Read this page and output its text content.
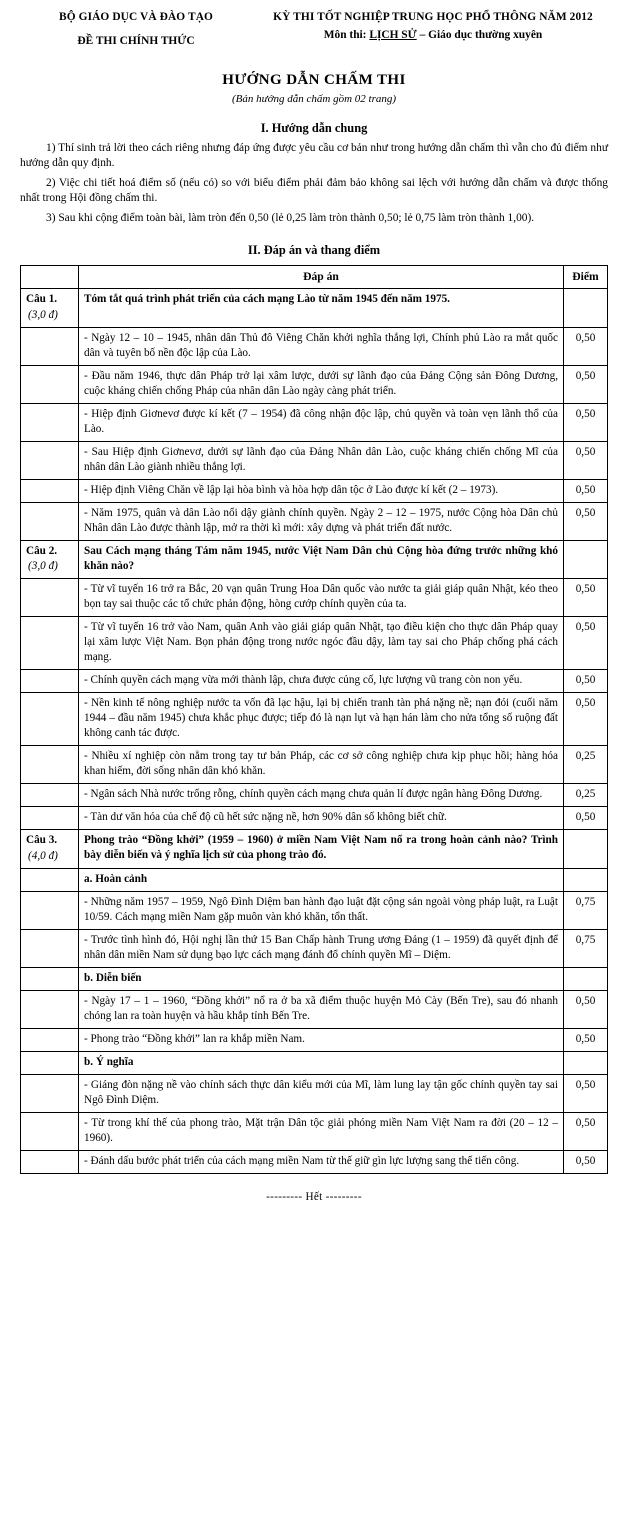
BỘ GIÁO DỤC VÀ ĐÀO TẠO
ĐỀ THI CHÍNH THỨC
KỲ THI TỐT NGHIỆP TRUNG HỌC PHỔ THÔNG NĂM 2012
Môn thi: LỊCH SỬ – Giáo dục thường xuyên
HƯỚNG DẪN CHẤM THI
(Bản hướng dẫn chấm gồm 02 trang)
I. Hướng dẫn chung
1) Thí sinh trả lời theo cách riêng nhưng đáp ứng được yêu cầu cơ bản như trong hướng dẫn chấm thì vẫn cho đủ điểm như hướng dẫn quy định.
2) Việc chi tiết hoá điểm số (nếu có) so với biểu điểm phải đảm bảo không sai lệch với hướng dẫn chấm và được thống nhất trong Hội đồng chấm thi.
3) Sau khi cộng điểm toàn bài, làm tròn đến 0,50 (lẻ 0,25 làm tròn thành 0,50; lẻ 0,75 làm tròn thành 1,00).
II. Đáp án và thang điểm
	Đáp án	Điểm
Câu 1.
(3,0 đ)	Tóm tắt quá trình phát triển của cách mạng Lào từ năm 1945 đến năm 1975.	
	- Ngày 12 – 10 – 1945, nhân dân Thủ đô Viêng Chăn khởi nghĩa thắng lợi, Chính phủ Lào ra mắt quốc dân và tuyên bố nền độc lập của Lào.	0,50
	- Đầu năm 1946, thực dân Pháp trở lại xâm lược, dưới sự lãnh đạo của Đảng Cộng sản Đông Dương, cuộc kháng chiến chống Pháp của nhân dân Lào ngày càng phát triển.	0,50
	- Hiệp định Giơnevơ được kí kết (7 – 1954) đã công nhận độc lập, chủ quyền và toàn vẹn lãnh thổ của Lào.	0,50
	- Sau Hiệp định Giơnevơ, dưới sự lãnh đạo của Đảng Nhân dân Lào, cuộc kháng chiến chống Mĩ của nhân dân Lào giành nhiều thắng lợi.	0,50
	- Hiệp định Viêng Chăn về lập lại hòa bình và hòa hợp dân tộc ở Lào được kí kết (2 – 1973).	0,50
	- Năm 1975, quân và dân Lào nổi dậy giành chính quyền. Ngày 2 – 12 – 1975, nước Cộng hòa Dân chủ Nhân dân Lào được thành lập, mở ra thời kì mới: xây dựng và phát triển đất nước.	0,50
Câu 2.
(3,0 đ)	Sau Cách mạng tháng Tám năm 1945, nước Việt Nam Dân chủ Cộng hòa đứng trước những khó khăn nào?	
	- Từ vĩ tuyến 16 trở ra Bắc, 20 vạn quân Trung Hoa Dân quốc vào nước ta giải giáp quân Nhật, kéo theo bọn tay sai thuộc các tổ chức phản động, hòng cướp chính quyền của ta.	0,50
	- Từ vĩ tuyến 16 trở vào Nam, quân Anh vào giải giáp quân Nhật, tạo điều kiện cho thực dân Pháp quay lại xâm lược Việt Nam. Bọn phản động trong nước ngóc đầu dậy, làm tay sai cho Pháp chống phá cách mạng.	0,50
	- Chính quyền cách mạng vừa mới thành lập, chưa được củng cố, lực lượng vũ trang còn non yếu.	0,50
	- Nền kinh tế nông nghiệp nước ta vốn đã lạc hậu, lại bị chiến tranh tàn phá nặng nề; nạn đói (cuối năm 1944 – đầu năm 1945) chưa khắc phục được; tiếp đó là nạn lụt và hạn hán làm cho nửa tổng số ruộng đất không canh tác được.	0,50
	- Nhiều xí nghiệp còn nằm trong tay tư bản Pháp, các cơ sở công nghiệp chưa kịp phục hồi; hàng hóa khan hiếm, đời sống nhân dân khó khăn.	0,25
	- Ngân sách Nhà nước trống rỗng, chính quyền cách mạng chưa quản lí được ngân hàng Đông Dương.	0,25
	- Tàn dư văn hóa của chế độ cũ hết sức nặng nề, hơn 90% dân số không biết chữ.	0,50
Câu 3.
(4,0 đ)	Phong trào “Đồng khởi” (1959 – 1960) ở miền Nam Việt Nam nổ ra trong hoàn cảnh nào? Trình bày diễn biến và ý nghĩa lịch sử của phong trào đó.	
	a. Hoàn cảnh	
	- Những năm 1957 – 1959, Ngô Đình Diệm ban hành đạo luật đặt cộng sản ngoài vòng pháp luật, ra Luật 10/59. Cách mạng miền Nam gặp muôn vàn khó khăn, tổn thất.	0,75
	- Trước tình hình đó, Hội nghị lần thứ 15 Ban Chấp hành Trung ương Đảng (1 – 1959) đã quyết định để nhân dân miền Nam sử dụng bạo lực cách mạng đánh đổ chính quyền Mĩ – Diệm.	0,75
	b. Diễn biến	
	- Ngày 17 – 1 – 1960, “Đồng khởi” nổ ra ở ba xã điểm thuộc huyện Mỏ Cày (Bến Tre), sau đó nhanh chóng lan ra toàn huyện và hầu khắp tỉnh Bến Tre.	0,50
	- Phong trào “Đồng khởi” lan ra khắp miền Nam.	0,50
	b. Ý nghĩa	
	- Giáng đòn nặng nề vào chính sách thực dân kiểu mới của Mĩ, làm lung lay tận gốc chính quyền tay sai Ngô Đình Diệm.	0,50
	- Từ trong khí thế của phong trào, Mặt trận Dân tộc giải phóng miền Nam Việt Nam ra đời (20 – 12 – 1960).	0,50
	- Đánh dấu bước phát triển của cách mạng miền Nam từ thế giữ gìn lực lượng sang thế tiến công.	0,50
--------- Hết ---------
